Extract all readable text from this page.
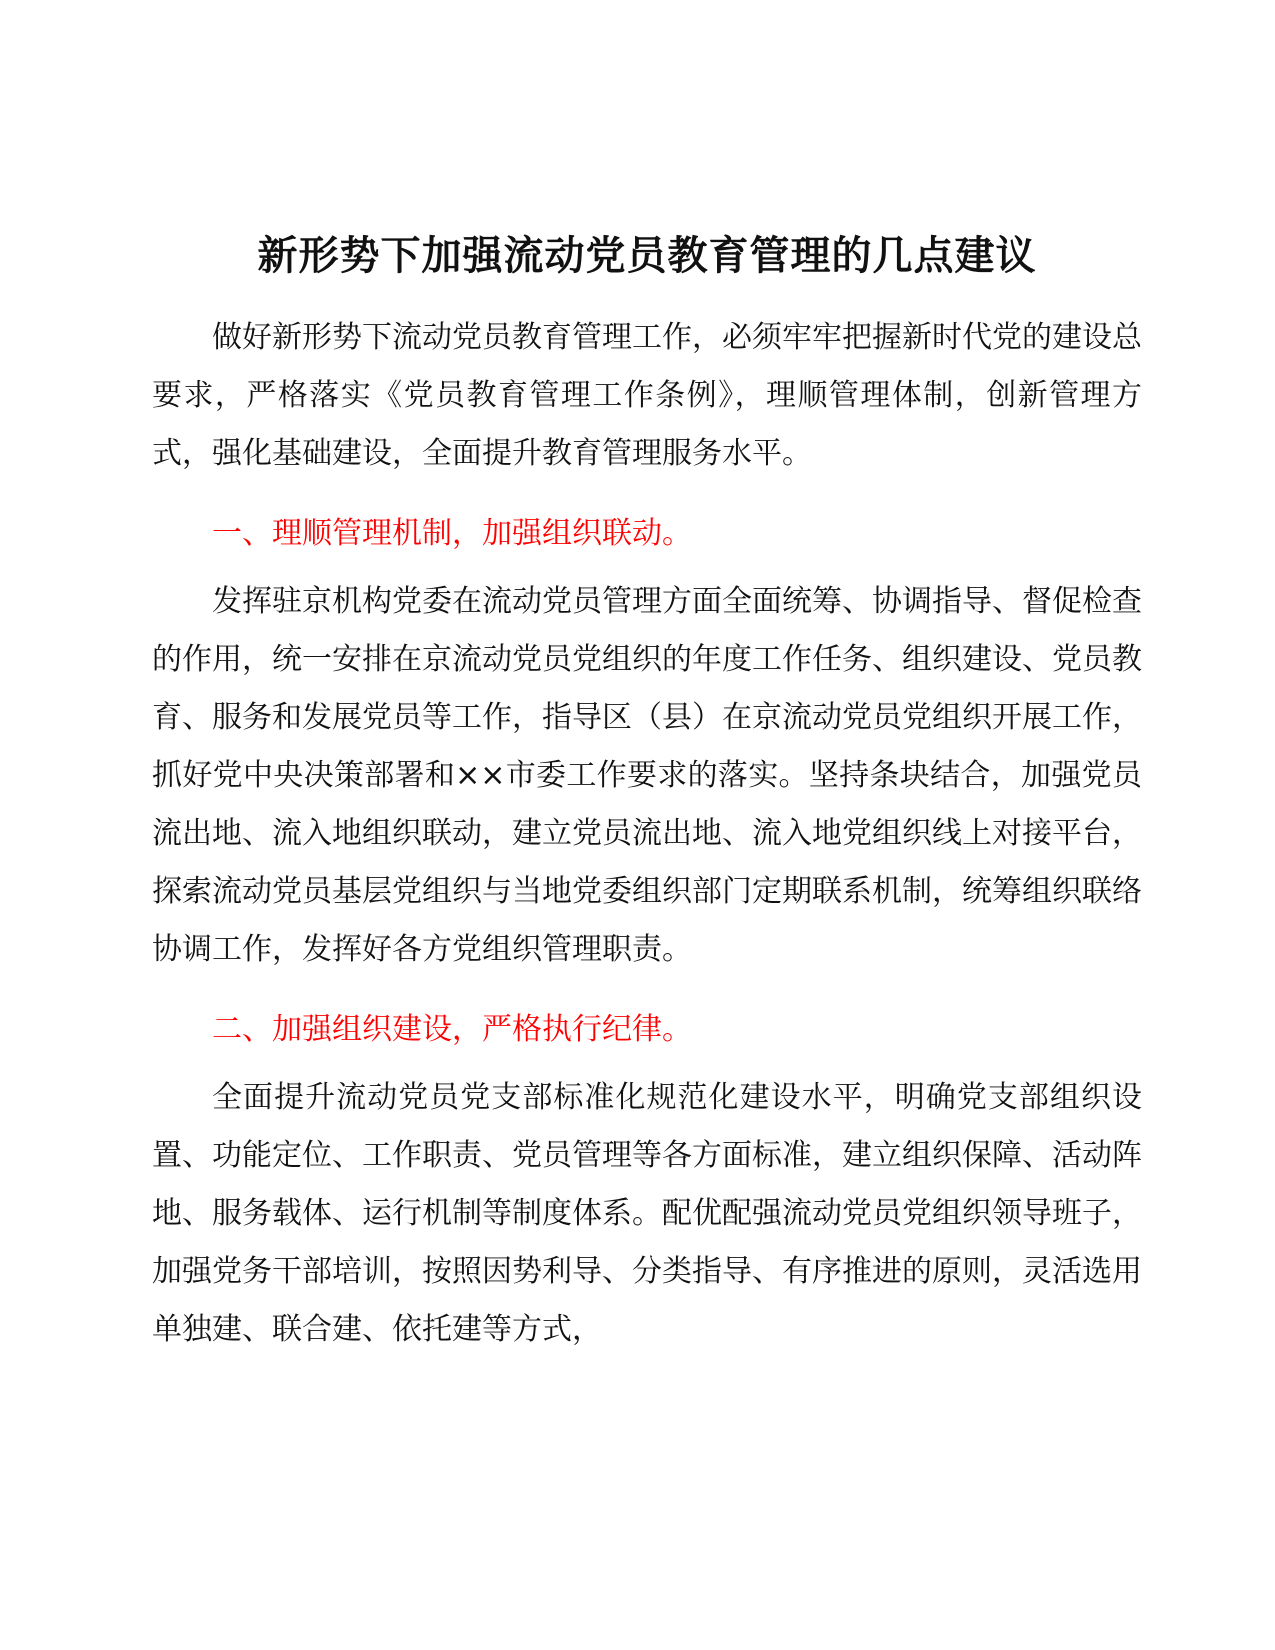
新形势下加强流动党员教育管理的几点建议

做好新形势下流动党员教育管理工作，必须牢牢把握新时代党的建设总要求，严格落实《党员教育管理工作条例》，理顺管理体制，创新管理方式，强化基础建设，全面提升教育管理服务水平。

一、理顺管理机制，加强组织联动。

发挥驻京机构党委在流动党员管理方面全面统筹、协调指导、督促检查的作用，统一安排在京流动党员党组织的年度工作任务、组织建设、党员教育、服务和发展党员等工作，指导区（县）在京流动党员党组织开展工作，抓好党中央决策部署和××市委工作要求的落实。坚持条块结合，加强党员流出地、流入地组织联动，建立党员流出地、流入地党组织线上对接平台，探索流动党员基层党组织与当地党委组织部门定期联系机制，统筹组织联络协调工作，发挥好各方党组织管理职责。

二、加强组织建设，严格执行纪律。

全面提升流动党员党支部标准化规范化建设水平，明确党支部组织设置、功能定位、工作职责、党员管理等各方面标准，建立组织保障、活动阵地、服务载体、运行机制等制度体系。配优配强流动党员党组织领导班子，加强党务干部培训，按照因势利导、分类指导、有序推进的原则，灵活选用单独建、联合建、依托建等方式，
